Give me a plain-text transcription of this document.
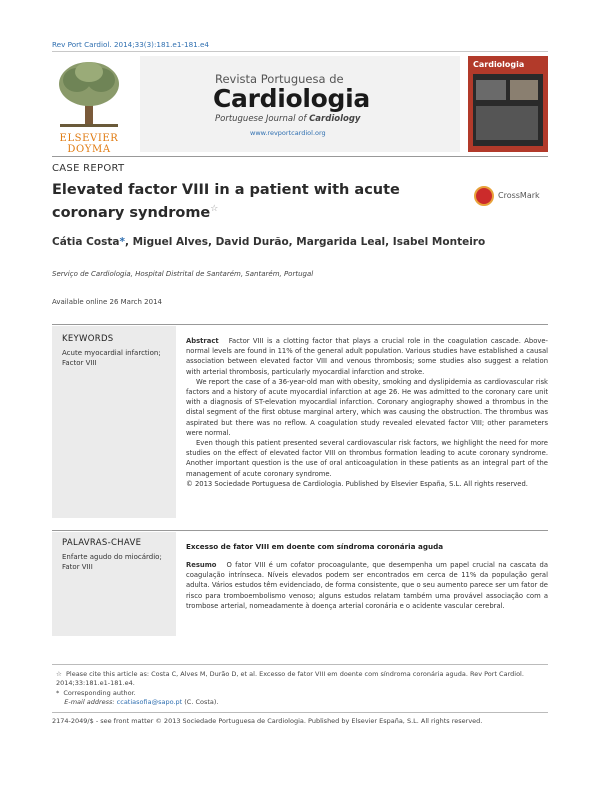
Rev Port Cardiol. 2014;33(3):181.e1-181.e4
ELSEVIER
DOYMA
Revista Portuguesa de
Cardiologia
Portuguese Journal of Cardiology
www.revportcardiol.org
Cardiologia
CASE REPORT
Elevated factor VIII in a patient with acute coronary syndrome☆
CrossMark
Cátia Costa*, Miguel Alves, David Durão, Margarida Leal, Isabel Monteiro
Serviço de Cardiologia, Hospital Distrital de Santarém, Santarém, Portugal
Available online 26 March 2014
KEYWORDS
Acute myocardial infarction;
Factor VIII

Abstract Factor VIII is a clotting factor that plays a crucial role in the coagulation cascade. Above-normal levels are found in 11% of the general adult population. Various studies have established a causal association between elevated factor VIII and venous thrombosis; some studies also suggest a relation with arterial thrombosis, particularly myocardial infarction and stroke.

We report the case of a 36-year-old man with obesity, smoking and dyslipidemia as cardiovascular risk factors and a history of acute myocardial infarction at age 26. He was admitted to the coronary care unit with a diagnosis of ST-elevation myocardial infarction. Coronary angiography showed a thrombus in the distal segment of the first obtuse marginal artery, which was causing the obstruction. The thrombus was aspirated but there was no reflow. A coagulation study revealed elevated factor VIII; other parameters were normal.

Even though this patient presented several cardiovascular risk factors, we highlight the need for more studies on the effect of elevated factor VIII on thrombus formation leading to acute coronary syndrome. Another important question is the use of oral anticoagulation in these patients as an integral part of the management of acute coronary syndrome.

© 2013 Sociedade Portuguesa de Cardiologia. Published by Elsevier España, S.L. All rights reserved.

PALAVRAS-CHAVE
Enfarte agudo do miocárdio;
Fator VIII
Excesso de fator VIII em doente com síndroma coronária aguda
Resumo O fator VIII é um cofator procoagulante, que desempenha um papel crucial na cascata da coagulação intrínseca. Níveis elevados podem ser encontrados em cerca de 11% da população geral adulta. Vários estudos têm evidenciado, de forma consistente, que o seu aumento parece ser um fator de risco para tromboembolismo venoso; alguns estudos relatam também uma provável associação com a trombose arterial, nomeadamente à doença arterial coronária e o acidente vascular cerebral.
☆ Please cite this article as: Costa C, Alves M, Durão D, et al. Excesso de fator VIII em doente com síndroma coronária aguda. Rev Port Cardiol. 2014;33:181.e1-181.e4.
* Corresponding author.
E-mail address: ccatiasofia@sapo.pt (C. Costa).
2174-2049/$ - see front matter © 2013 Sociedade Portuguesa de Cardiologia. Published by Elsevier España, S.L. All rights reserved.
